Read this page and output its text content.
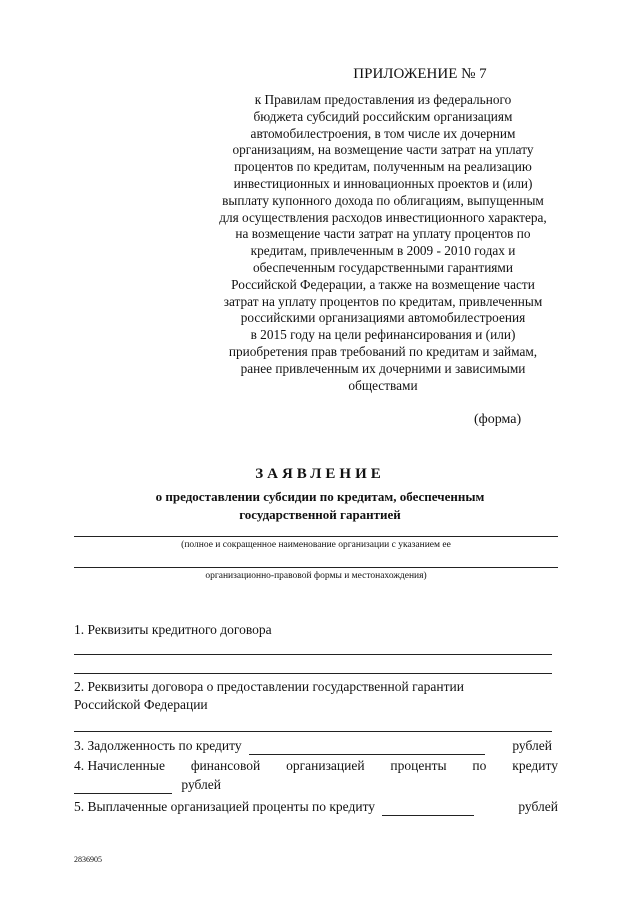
ПРИЛОЖЕНИЕ № 7
к Правилам предоставления из федерального
бюджета субсидий российским организациям
автомобилестроения, в том числе их дочерним
организациям, на возмещение части затрат на уплату
процентов по кредитам, полученным на реализацию
инвестиционных и инновационных проектов и (или)
выплату купонного дохода по облигациям, выпущенным
для осуществления расходов инвестиционного характера,
на возмещение части затрат на уплату процентов по
кредитам, привлеченным в 2009 - 2010 годах и
обеспеченным государственными гарантиями
Российской Федерации, а также на возмещение части
затрат на уплату процентов по кредитам, привлеченным
российскими организациями автомобилестроения
в 2015 году на цели рефинансирования и (или)
приобретения прав требований по кредитам и займам,
ранее привлеченным их дочерними и зависимыми
обществами
(форма)
ЗАЯВЛЕНИЕ
о предоставлении субсидии по кредитам, обеспеченным
государственной гарантией
(полное и сокращенное наименование организации с указанием ее
организационно-правовой формы и местонахождения)
1. Реквизиты кредитного договора
2. Реквизиты договора о предоставлении государственной гарантии
Российской Федерации
3. Задолженность по кредиту	рублей
4. Начисленные финансовой организацией проценты по кредиту
рублей
5. Выплаченные организацией проценты по кредиту	рублей
2836905
